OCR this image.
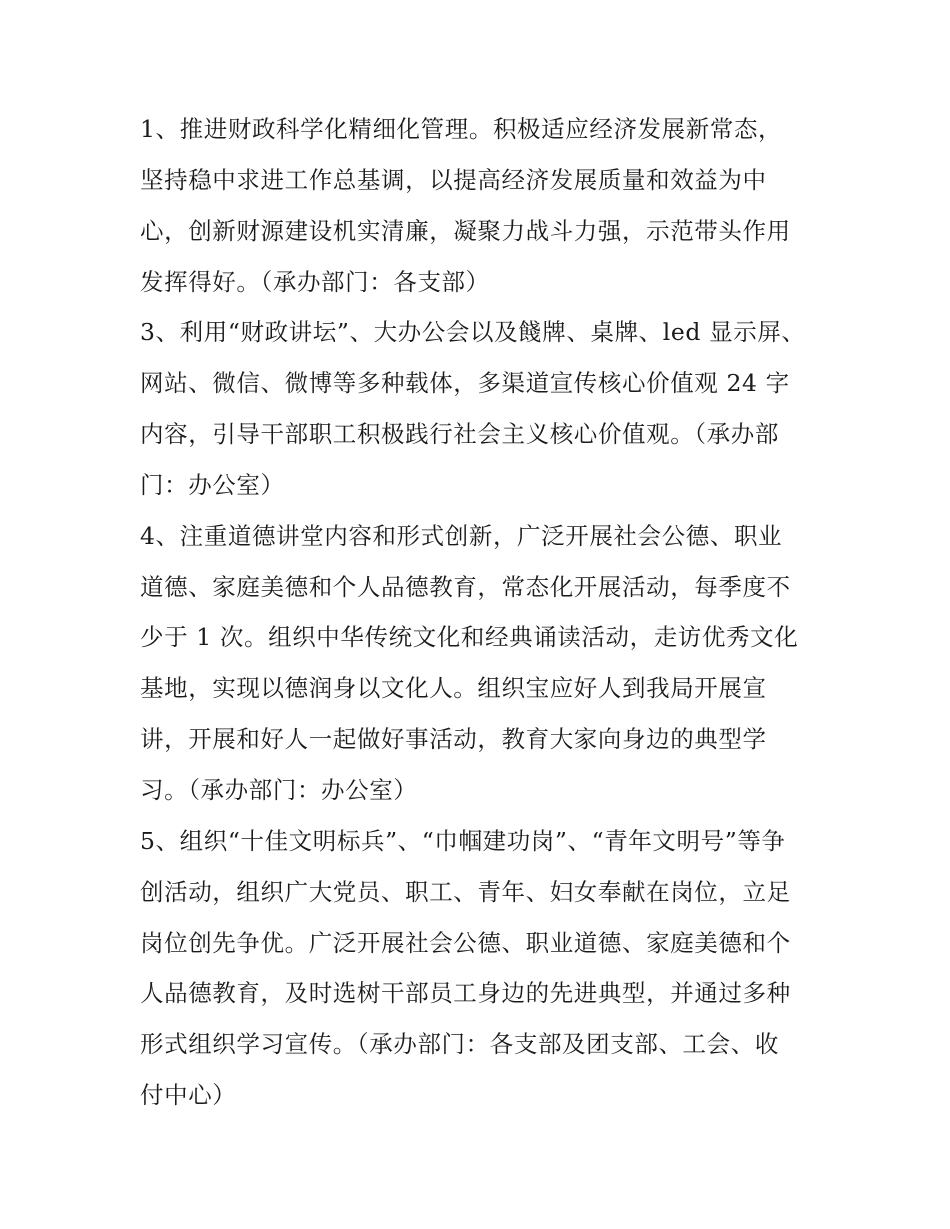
1、推进财政科学化精细化管理。积极适应经济发展新常态，
坚持稳中求进工作总基调，以提高经济发展质量和效益为中
心，创新财源建设机实清廉，凝聚力战斗力强，示范带头作用
发挥得好。（承办部门：各支部）
3、利用“财政讲坛”、大办公会以及餞牌、桌牌、led 显示屏、
网站、微信、微博等多种载体，多渠道宣传核心价值观 24 字
内容，引导干部职工积极践行社会主义核心价值观。（承办部
门：办公室）
4、注重道德讲堂内容和形式创新，广泛开展社会公德、职业
道德、家庭美德和个人品德教育，常态化开展活动，每季度不
少于 1 次。组织中华传统文化和经典诵读活动，走访优秀文化
基地，实现以德润身以文化人。组织宝应好人到我局开展宣
讲，开展和好人一起做好事活动，教育大家向身边的典型学
习。（承办部门：办公室）
5、组织“十佳文明标兵”、“巾帼建功岗”、“青年文明号”等争
创活动，组织广大党员、职工、青年、妇女奉献在岗位，立足
岗位创先争优。广泛开展社会公德、职业道德、家庭美德和个
人品德教育，及时选树干部员工身边的先进典型，并通过多种
形式组织学习宣传。（承办部门：各支部及团支部、工会、收
付中心）
